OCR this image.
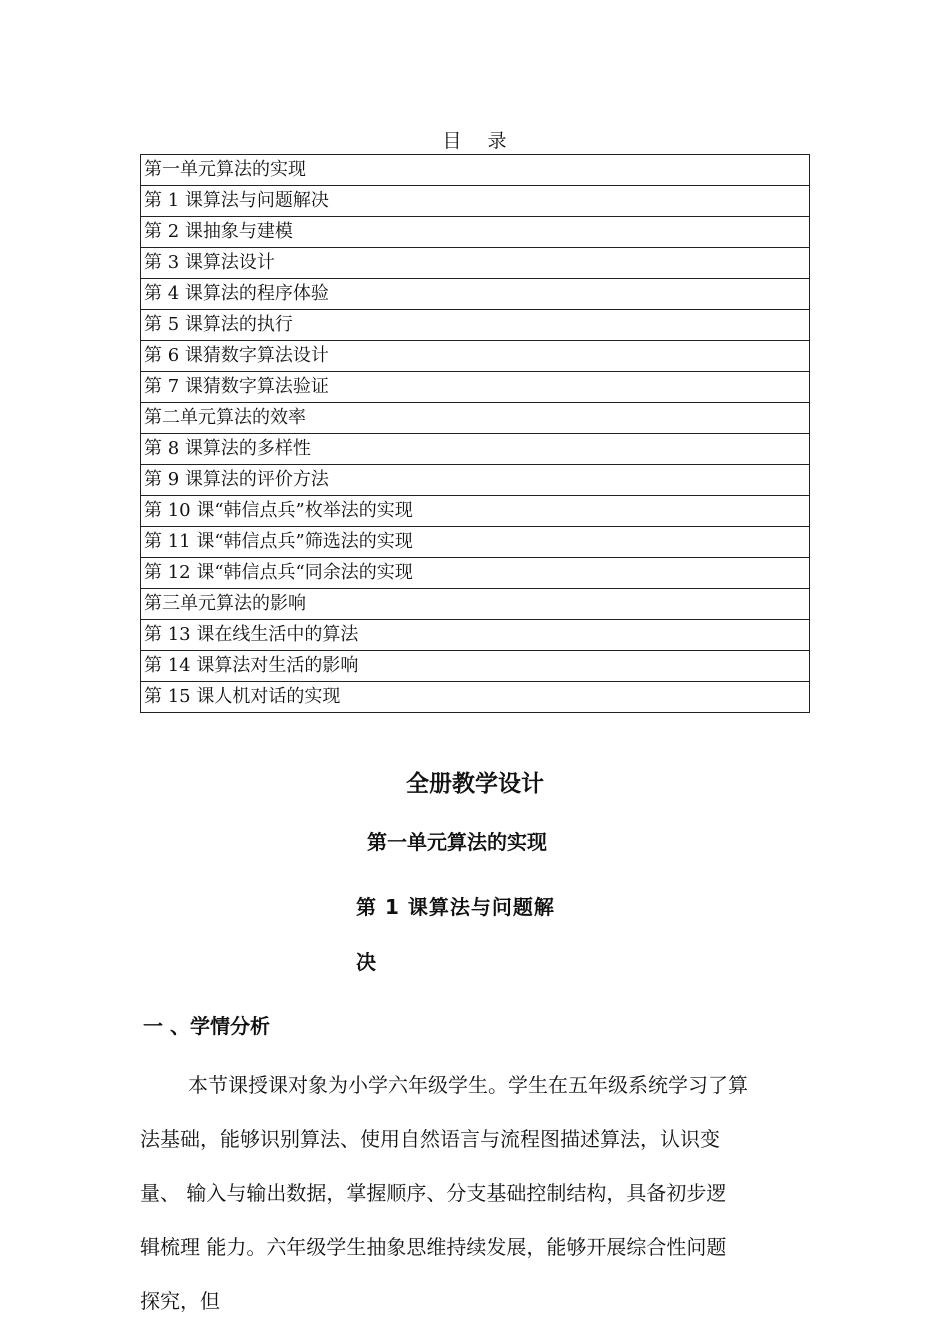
目 录
第一单元算法的实现
第 1 课算法与问题解决
第 2 课抽象与建模
第 3 课算法设计
第 4 课算法的程序体验
第 5 课算法的执行
第 6 课猜数字算法设计
第 7 课猜数字算法验证
第二单元算法的效率
第 8 课算法的多样性
第 9 课算法的评价方法
第 10 课“韩信点兵”枚举法的实现
第 11 课“韩信点兵”筛选法的实现
第 12 课“韩信点兵“同余法的实现
第三单元算法的影响
第 13 课在线生活中的算法
第 14 课算法对生活的影响
第 15 课人机对话的实现
全册教学设计
第一单元算法的实现
第 1 课算法与问题解
决
一 、学情分析
本节课授课对象为小学六年级学生。学生在五年级系统学习了算
法基础，能够识别算法、使用自然语言与流程图描述算法，认识变
量、 输入与输出数据，掌握顺序、分支基础控制结构，具备初步逻
辑梳理 能力。六年级学生抽象思维持续发展，能够开展综合性问题
探究，但
